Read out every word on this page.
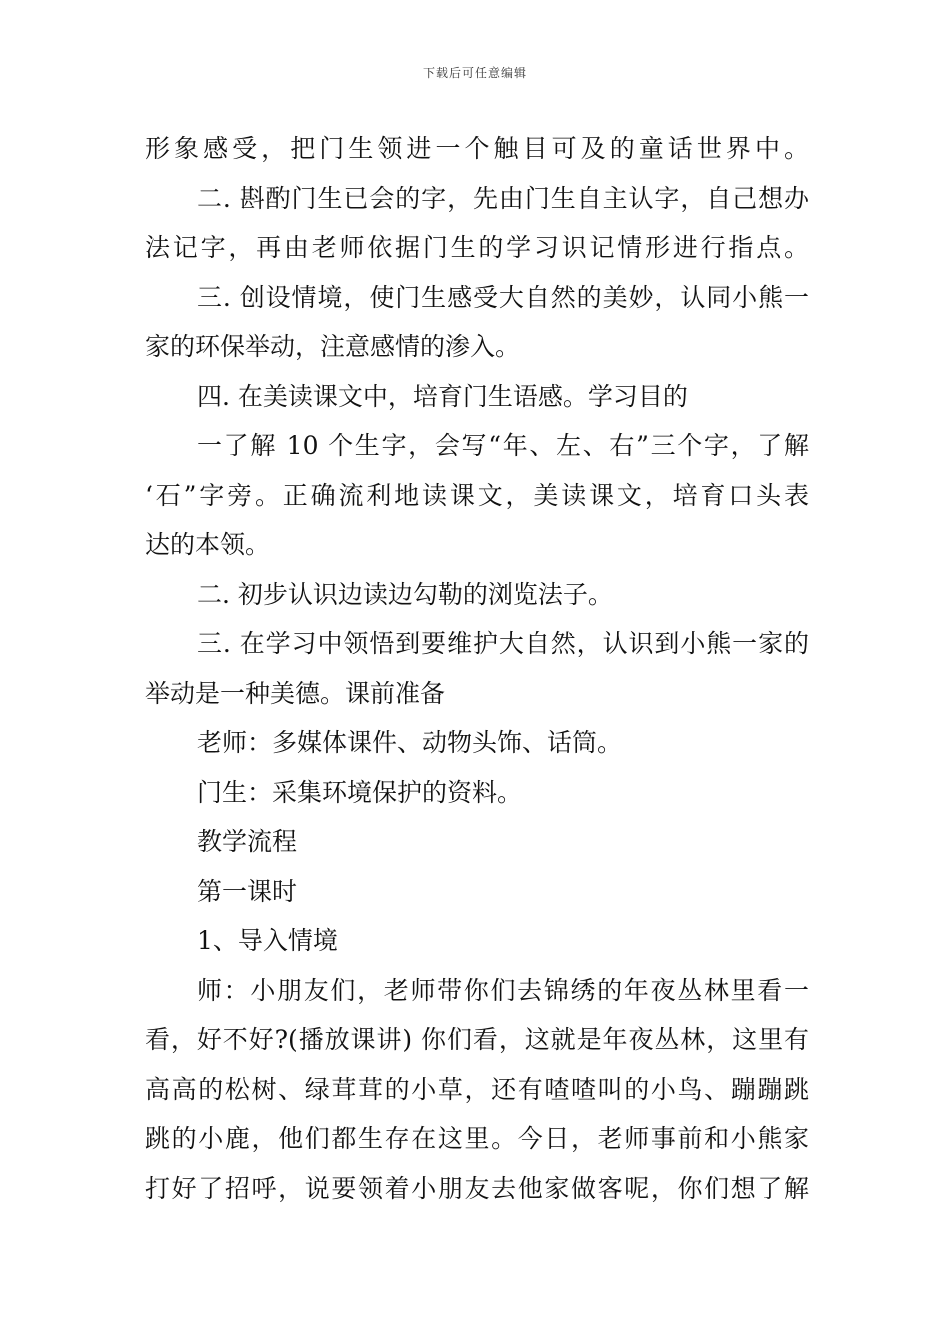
下载后可任意编辑
形象感受，把门生领进一个触目可及的童话世界中。
二. 斟酌门生已会的字，先由门生自主认字，自己想办
法记字，再由老师依据门生的学习识记情形进行指点。
三. 创设情境，使门生感受大自然的美妙，认同小熊一
家的环保举动，注意感情的渗入。
四. 在美读课文中，培育门生语感。学习目的
一了解 10 个生字，会写“年、左、右”三个字，了解
‘石”字旁。正确流利地读课文，美读课文，培育口头表
达的本领。
二. 初步认识边读边勾勒的浏览法子。
三. 在学习中领悟到要维护大自然，认识到小熊一家的
举动是一种美德。课前准备
老师：多媒体课件、动物头饰、话筒。
门生：采集环境保护的资料。
教学流程
第一课时
1、导入情境
师：小朋友们，老师带你们去锦绣的年夜丛林里看一
看，好不好?(播放课讲) 你们看，这就是年夜丛林，这里有
高高的松树、绿茸茸的小草，还有喳喳叫的小鸟、蹦蹦跳
跳的小鹿，他们都生存在这里。今日，老师事前和小熊家
打好了招呼，说要领着小朋友去他家做客呢，你们想了解
